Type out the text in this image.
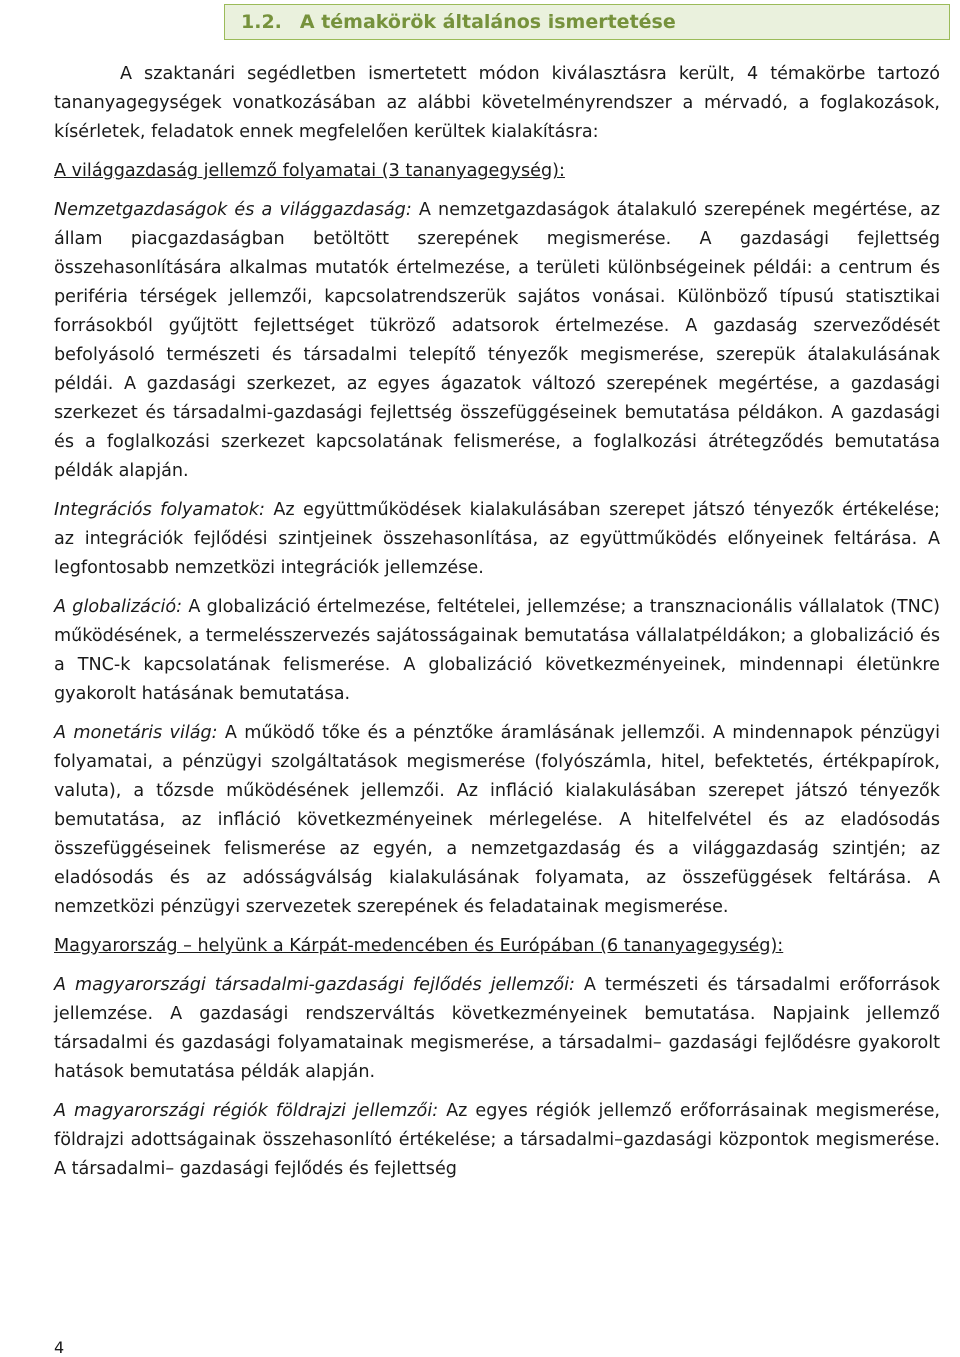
1.2. A témakörök általános ismertetése

A szaktanári segédletben ismertetett módon kiválasztásra került, 4 témakörbe tartozó tananyagegységek vonatkozásában az alábbi követelményrendszer a mérvadó, a foglakozások, kísérletek, feladatok ennek megfelelően kerültek kialakításra:

A világgazdaság jellemző folyamatai (3 tananyagegység):

Nemzetgazdaságok és a világgazdaság: A nemzetgazdaságok átalakuló szerepének megértése, az állam piacgazdaságban betöltött szerepének megismerése. A gazdasági fejlettség összehasonlítására alkalmas mutatók értelmezése, a területi különbségeinek példái: a centrum és periféria térségek jellemzői, kapcsolatrendszerük sajátos vonásai. Különböző típusú statisztikai forrásokból gyűjtött fejlettséget tükröző adatsorok értelmezése. A gazdaság szerveződését befolyásoló természeti és társadalmi telepítő tényezők megismerése, szerepük átalakulásának példái. A gazdasági szerkezet, az egyes ágazatok változó szerepének megértése, a gazdasági szerkezet és társadalmi-gazdasági fejlettség összefüggéseinek bemutatása példákon. A gazdasági és a foglalkozási szerkezet kapcsolatának felismerése, a foglalkozási átrétegződés bemutatása példák alapján.

Integrációs folyamatok: Az együttműködések kialakulásában szerepet játszó tényezők értékelése; az integrációk fejlődési szintjeinek összehasonlítása, az együttműködés előnyeinek feltárása. A legfontosabb nemzetközi integrációk jellemzése.

A globalizáció: A globalizáció értelmezése, feltételei, jellemzése; a transznacionális vállalatok (TNC) működésének, a termelésszervezés sajátosságainak bemutatása vállalatpéldákon; a globalizáció és a TNC-k kapcsolatának felismerése. A globalizáció következményeinek, mindennapi életünkre gyakorolt hatásának bemutatása.

A monetáris világ: A működő tőke és a pénztőke áramlásának jellemzői. A mindennapok pénzügyi folyamatai, a pénzügyi szolgáltatások megismerése (folyószámla, hitel, befektetés, értékpapírok, valuta), a tőzsde működésének jellemzői. Az infláció kialakulásában szerepet játszó tényezők bemutatása, az infláció következményeinek mérlegelése. A hitelfelvétel és az eladósodás összefüggéseinek felismerése az egyén, a nemzetgazdaság és a világgazdaság szintjén; az eladósodás és az adósságválság kialakulásának folyamata, az összefüggések feltárása. A nemzetközi pénzügyi szervezetek szerepének és feladatainak megismerése.

Magyarország – helyünk a Kárpát-medencében és Európában (6 tananyagegység):

A magyarországi társadalmi-gazdasági fejlődés jellemzői: A természeti és társadalmi erőforrások jellemzése. A gazdasági rendszerváltás következményeinek bemutatása. Napjaink jellemző társadalmi és gazdasági folyamatainak megismerése, a társadalmi– gazdasági fejlődésre gyakorolt hatások bemutatása példák alapján.

A magyarországi régiók földrajzi jellemzői: Az egyes régiók jellemző erőforrásainak megismerése, földrajzi adottságainak összehasonlító értékelése; a társadalmi–gazdasági központok megismerése. A társadalmi– gazdasági fejlődés és fejlettség

4
